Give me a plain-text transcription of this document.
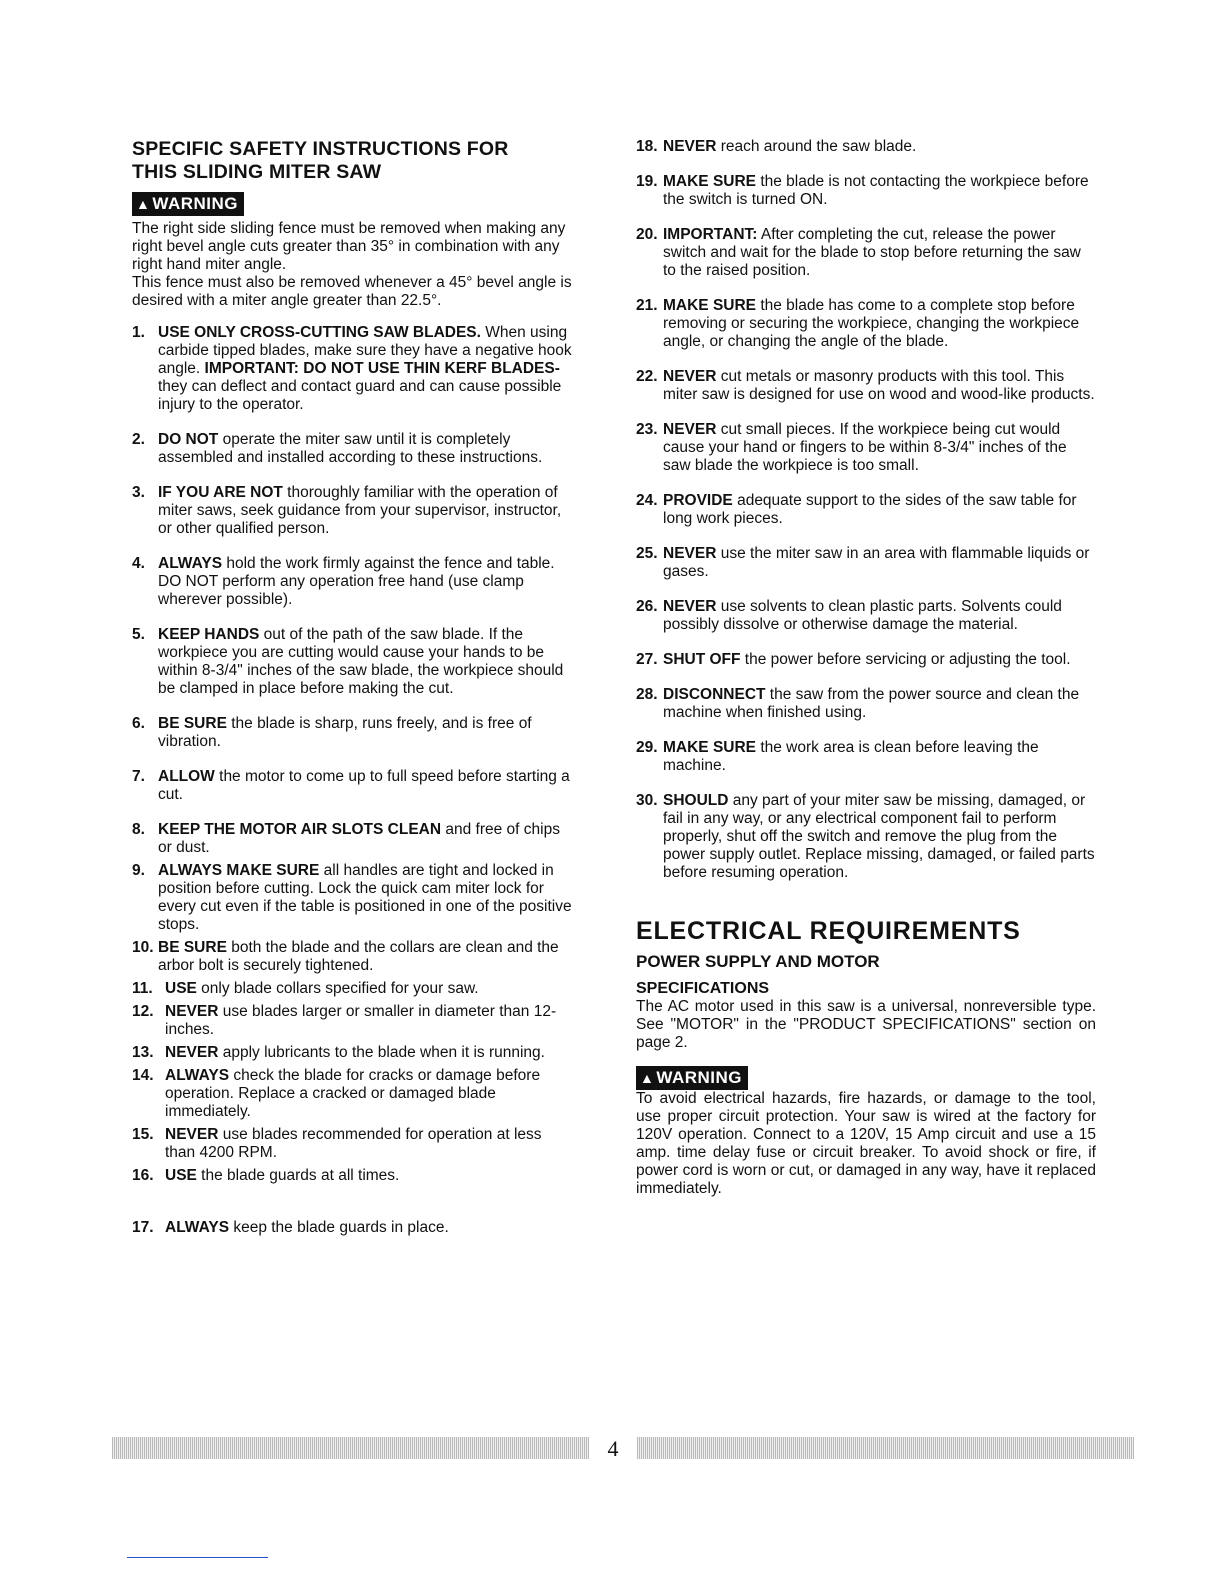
SPECIFIC SAFETY INSTRUCTIONS FOR
THIS SLIDING MITER SAW
▲ WARNING

The right side sliding fence must be removed when making any right bevel angle cuts greater than 35° in combination with any right hand miter angle.

This fence must also be removed whenever a 45° bevel angle is desired with a miter angle greater than 22.5°.

1. USE ONLY CROSS-CUTTING SAW BLADES. When using carbide tipped blades, make sure they have a negative hook angle. IMPORTANT: DO NOT USE THIN KERF BLADES- they can deflect and contact guard and can cause possible injury to the operator.
2. DO NOT operate the miter saw until it is completely assembled and installed according to these instructions.
3. IF YOU ARE NOT thoroughly familiar with the operation of miter saws, seek guidance from your supervisor, instructor, or other qualified person.
4. ALWAYS hold the work firmly against the fence and table. DO NOT perform any operation free hand (use clamp wherever possible).
5. KEEP HANDS out of the path of the saw blade. If the workpiece you are cutting would cause your hands to be within 8-3/4" inches of the saw blade, the workpiece should be clamped in place before making the cut.
6. BE SURE the blade is sharp, runs freely, and is free of vibration.
7. ALLOW the motor to come up to full speed before starting a cut.
8. KEEP THE MOTOR AIR SLOTS CLEAN and free of chips or dust.
9. ALWAYS MAKE SURE all handles are tight and locked in position before cutting. Lock the quick cam miter lock for every cut even if the table is positioned in one of the positive stops.
10. BE SURE both the blade and the collars are clean and the arbor bolt is securely tightened.
11. USE only blade collars specified for your saw.
12. NEVER use blades larger or smaller in diameter than 12-inches.
13. NEVER apply lubricants to the blade when it is running.
14. ALWAYS check the blade for cracks or damage before operation. Replace a cracked or damaged blade immediately.
15. NEVER use blades recommended for operation at less than 4200 RPM.
16. USE the blade guards at all times.
17. ALWAYS keep the blade guards in place.
18. NEVER reach around the saw blade.
19. MAKE SURE the blade is not contacting the workpiece before the switch is turned ON.
20. IMPORTANT: After completing the cut, release the power switch and wait for the blade to stop before returning the saw to the raised position.
21. MAKE SURE the blade has come to a complete stop before removing or securing the workpiece, changing the workpiece angle, or changing the angle of the blade.
22. NEVER cut metals or masonry products with this tool. This miter saw is designed for use on wood and wood-like products.
23. NEVER cut small pieces. If the workpiece being cut would cause your hand or fingers to be within 8-3/4" inches of the saw blade the workpiece is too small.
24. PROVIDE adequate support to the sides of the saw table for long work pieces.
25. NEVER use the miter saw in an area with flammable liquids or gases.
26. NEVER use solvents to clean plastic parts. Solvents could possibly dissolve or otherwise damage the material.
27. SHUT OFF the power before servicing or adjusting the tool.
28. DISCONNECT the saw from the power source and clean the machine when finished using.
29. MAKE SURE the work area is clean before leaving the machine.
30. SHOULD any part of your miter saw be missing, damaged, or fail in any way, or any electrical component fail to perform properly, shut off the switch and remove the plug from the power supply outlet. Replace missing, damaged, or failed parts before resuming operation.
ELECTRICAL REQUIREMENTS
POWER SUPPLY AND MOTOR
SPECIFICATIONS

The AC motor used in this saw is a universal, nonreversible type. See "MOTOR" in the "PRODUCT SPECIFICATIONS" section on page 2.

▲ WARNING

To avoid electrical hazards, fire hazards, or damage to the tool, use proper circuit protection. Your saw is wired at the factory for 120V operation. Connect to a 120V, 15 Amp circuit and use a 15 amp. time delay fuse or circuit breaker. To avoid shock or fire, if power cord is worn or cut, or damaged in any way, have it replaced immediately.

4
